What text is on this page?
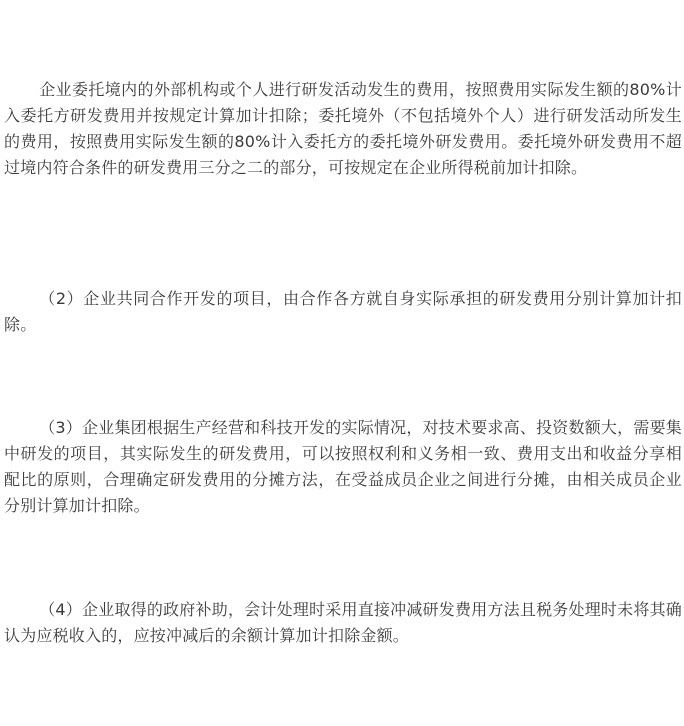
企业委托境内的外部机构或个人进行研发活动发生的费用，按照费用实际发生额的80%计入委托方研发费用并按规定计算加计扣除；委托境外（不包括境外个人）进行研发活动所发生的费用，按照费用实际发生额的80%计入委托方的委托境外研发费用。委托境外研发费用不超过境内符合条件的研发费用三分之二的部分，可按规定在企业所得税前加计扣除。

（2）企业共同合作开发的项目，由合作各方就自身实际承担的研发费用分别计算加计扣除。

（3）企业集团根据生产经营和科技开发的实际情况，对技术要求高、投资数额大，需要集中研发的项目，其实际发生的研发费用，可以按照权利和义务相一致、费用支出和收益分享相配比的原则，合理确定研发费用的分摊方法，在受益成员企业之间进行分摊，由相关成员企业分别计算加计扣除。

（4）企业取得的政府补助，会计处理时采用直接冲减研发费用方法且税务处理时未将其确认为应税收入的，应按冲减后的余额计算加计扣除金额。
